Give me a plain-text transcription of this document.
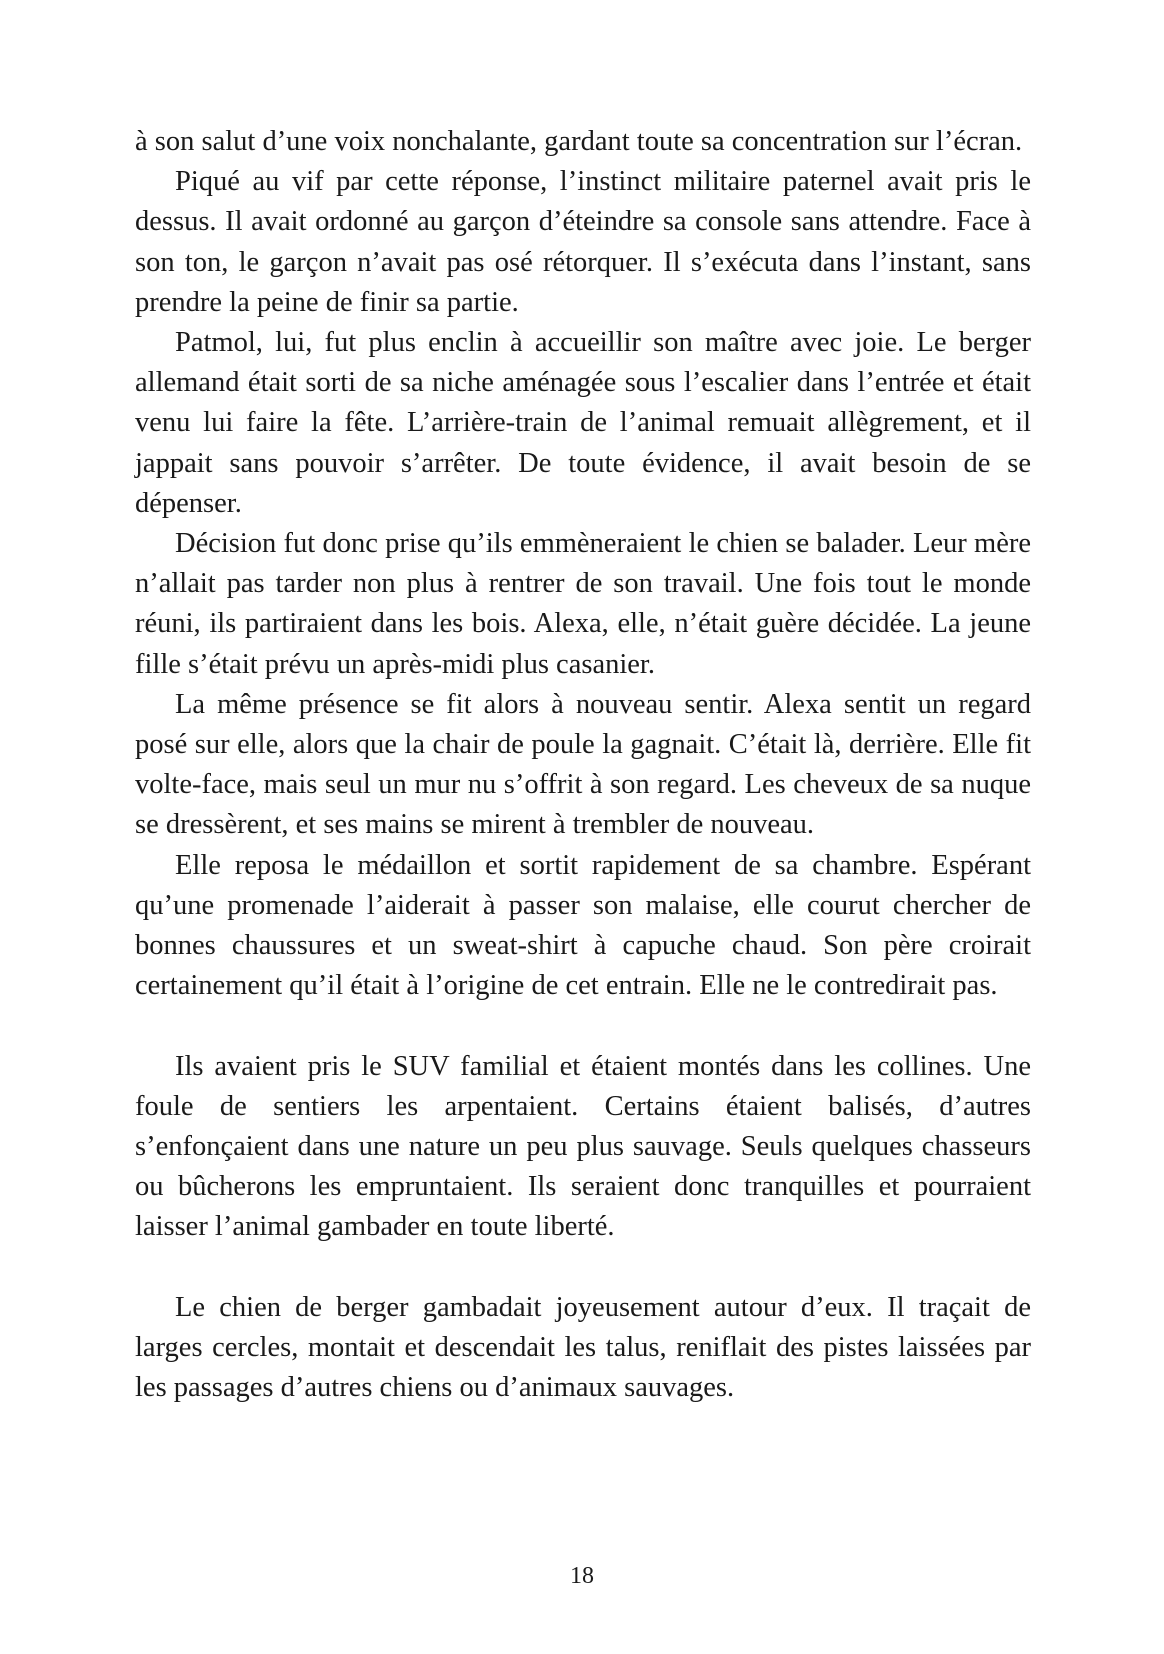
à son salut d’une voix nonchalante, gardant toute sa concentration sur l’écran.

Piqué au vif par cette réponse, l’instinct militaire paternel avait pris le dessus. Il avait ordonné au garçon d’éteindre sa console sans attendre. Face à son ton, le garçon n’avait pas osé rétorquer. Il s’exécuta dans l’instant, sans prendre la peine de finir sa partie.

Patmol, lui, fut plus enclin à accueillir son maître avec joie. Le berger allemand était sorti de sa niche aménagée sous l’escalier dans l’entrée et était venu lui faire la fête. L’arrière-train de l’animal remuait allègrement, et il jappait sans pouvoir s’arrêter. De toute évidence, il avait besoin de se dépenser.

Décision fut donc prise qu’ils emmèneraient le chien se balader. Leur mère n’allait pas tarder non plus à rentrer de son travail. Une fois tout le monde réuni, ils partiraient dans les bois. Alexa, elle, n’était guère décidée. La jeune fille s’était prévu un après-midi plus casanier.

La même présence se fit alors à nouveau sentir. Alexa sentit un regard posé sur elle, alors que la chair de poule la gagnait. C’était là, derrière. Elle fit volte-face, mais seul un mur nu s’offrit à son regard. Les cheveux de sa nuque se dressèrent, et ses mains se mirent à trembler de nouveau.

Elle reposa le médaillon et sortit rapidement de sa chambre. Espérant qu’une promenade l’aiderait à passer son malaise, elle courut chercher de bonnes chaussures et un sweat-shirt à capuche chaud. Son père croirait certainement qu’il était à l’origine de cet entrain. Elle ne le contredirait pas.

Ils avaient pris le SUV familial et étaient montés dans les collines. Une foule de sentiers les arpentaient. Certains étaient balisés, d’autres s’enfonçaient dans une nature un peu plus sauvage. Seuls quelques chasseurs ou bûcherons les empruntaient. Ils seraient donc tranquilles et pourraient laisser l’animal gambader en toute liberté.

Le chien de berger gambadait joyeusement autour d’eux. Il traçait de larges cercles, montait et descendait les talus, reniflait des pistes laissées par les passages d’autres chiens ou d’animaux sauvages.

18
